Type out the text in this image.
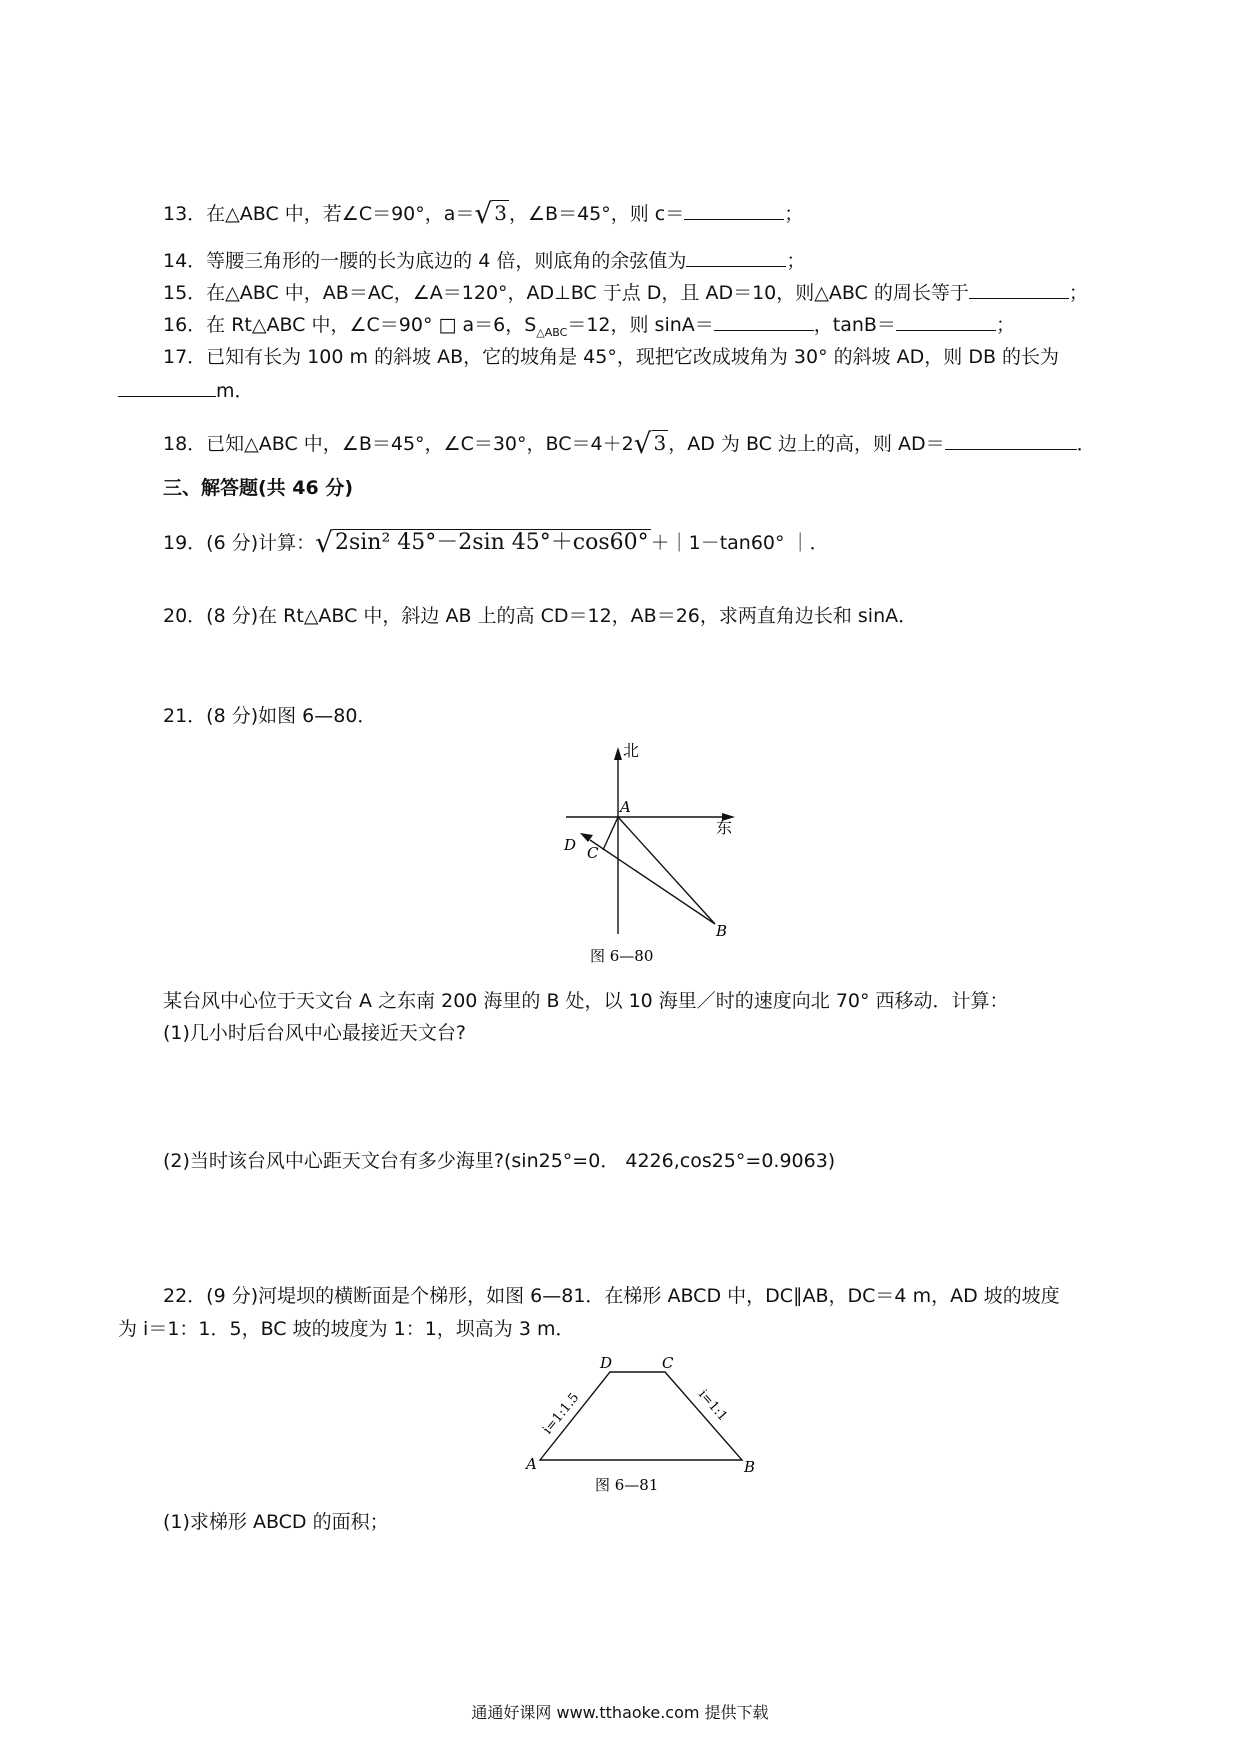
13．在△ABC 中，若∠C＝90°，a＝√ 3 ，∠B＝45°，则 c＝	；
14．等腰三角形的一腰的长为底边的 4 倍，则底角的余弦值为	；
15．在△ABC 中，AB＝AC，∠A＝120°，AD⊥BC 于点 D，且 AD＝10，则△ABC 的周长等于	；
16．在 Rt△ABC 中，∠C＝90° □ a＝6，$S_{\triangle ABC}=12$，则 sinA＝	，tanB＝	；
17．已知有长为 100 m 的斜坡 AB，它的坡角是 45°，现把它改成坡角为 30° 的斜坡 AD，则 DB 的长为
m．
18．已知△ABC 中，∠B＝45°，∠C＝30°，BC＝4＋2√ 3 ，AD 为 BC 边上的高，则 AD＝	．
三、解答题(共 46 分)
19．(6 分)计算：√2sin² 45°－2sin 45°＋cos60° ＋｜1－tan60° ｜．
20．(8 分)在 Rt△ABC 中，斜边 AB 上的高 CD＝12，AB＝26，求两直角边长和 sinA．
21．(8 分)如图 6—80．
北
东
A
B
C
D
图 6—80
某台风中心位于天文台 A 之东南 200 海里的 B 处，以 10 海里／时的速度向北 70° 西移动．计算：
(1)几小时后台风中心最接近天文台?
(2)当时该台风中心距天文台有多少海里?(sin25°=0． 4226,cos25°=0.9063)
22．(9 分)河堤坝的横断面是个梯形，如图 6—81．在梯形 ABCD 中，DC∥AB，DC＝4 m，AD 坡的坡度
为 i＝1：1．5，BC 坡的坡度为 1：1，坝高为 3 m．
A	B
C
D
i=1:1.5	i=1:1
图 6—81
(1)求梯形 ABCD 的面积；
通通好课网 www.tthaoke.com 提供下载
